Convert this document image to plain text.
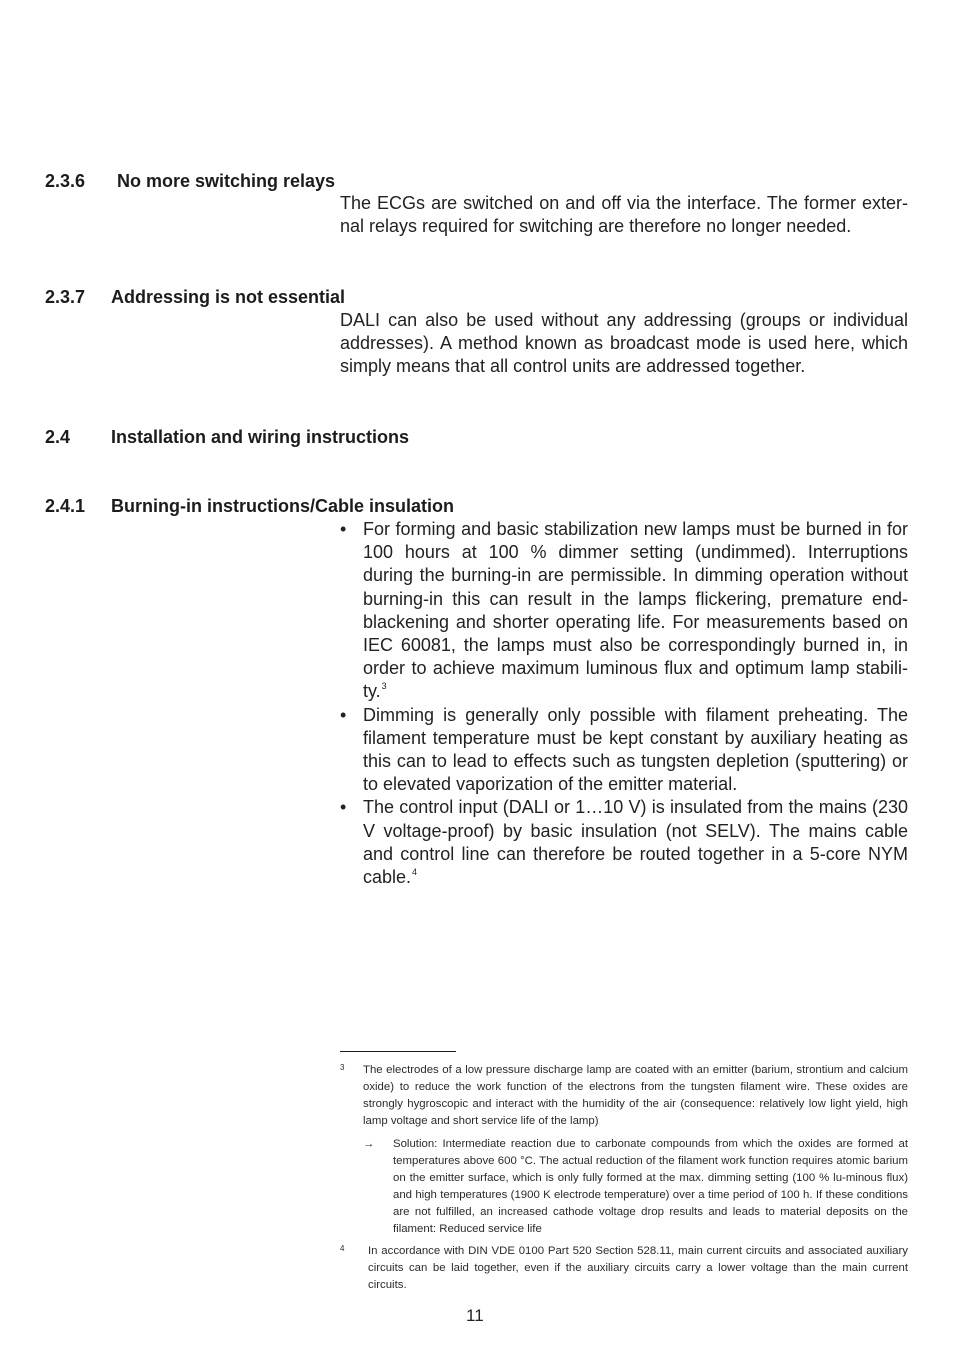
2.3.6 No more switching relays
The ECGs are switched on and off via the interface. The former exter-nal relays required for switching are therefore no longer needed.
2.3.7 Addressing is not essential
DALI can also be used without any addressing (groups or individual addresses). A method known as broadcast mode is used here, which simply means that all control units are addressed together.
2.4 Installation and wiring instructions
2.4.1 Burning-in instructions/Cable insulation
• For forming and basic stabilization new lamps must be burned in for 100 hours at 100 % dimmer setting (undimmed). Interruptions during the burning-in are permissible. In dimming operation without burning-in this can result in the lamps flickering, premature end-blackening and shorter operating life. For measurements based on IEC 60081, the lamps must also be correspondingly burned in, in order to achieve maximum luminous flux and optimum lamp stabili-ty.$^3$
• Dimming is generally only possible with filament preheating. The filament temperature must be kept constant by auxiliary heating as this can to lead to effects such as tungsten depletion (sputtering) or to elevated vaporization of the emitter material.
• The control input (DALI or 1…10 V) is insulated from the mains (230 V voltage-proof) by basic insulation (not SELV). The mains cable and control line can therefore be routed together in a 5-core NYM cable.$^4$
3 The electrodes of a low pressure discharge lamp are coated with an emitter (barium, strontium and calcium oxide) to reduce the work function of the electrons from the tungsten filament wire. These oxides are strongly hygroscopic and interact with the humidity of the air (consequence: relatively low light yield, high lamp voltage and short service life of the lamp)
→ Solution: Intermediate reaction due to carbonate compounds from which the oxides are formed at temperatures above 600 °C. The actual reduction of the filament work function requires atomic barium on the emitter surface, which is only fully formed at the max. dimming setting (100 % lu-minous flux) and high temperatures (1900 K electrode temperature) over a time period of 100 h. If these conditions are not fulfilled, an increased cathode voltage drop results and leads to material deposits on the filament: Reduced service life
4 In accordance with DIN VDE 0100 Part 520 Section 528.11, main current circuits and associated auxiliary circuits can be laid together, even if the auxiliary circuits carry a lower voltage than the main current circuits.
11
